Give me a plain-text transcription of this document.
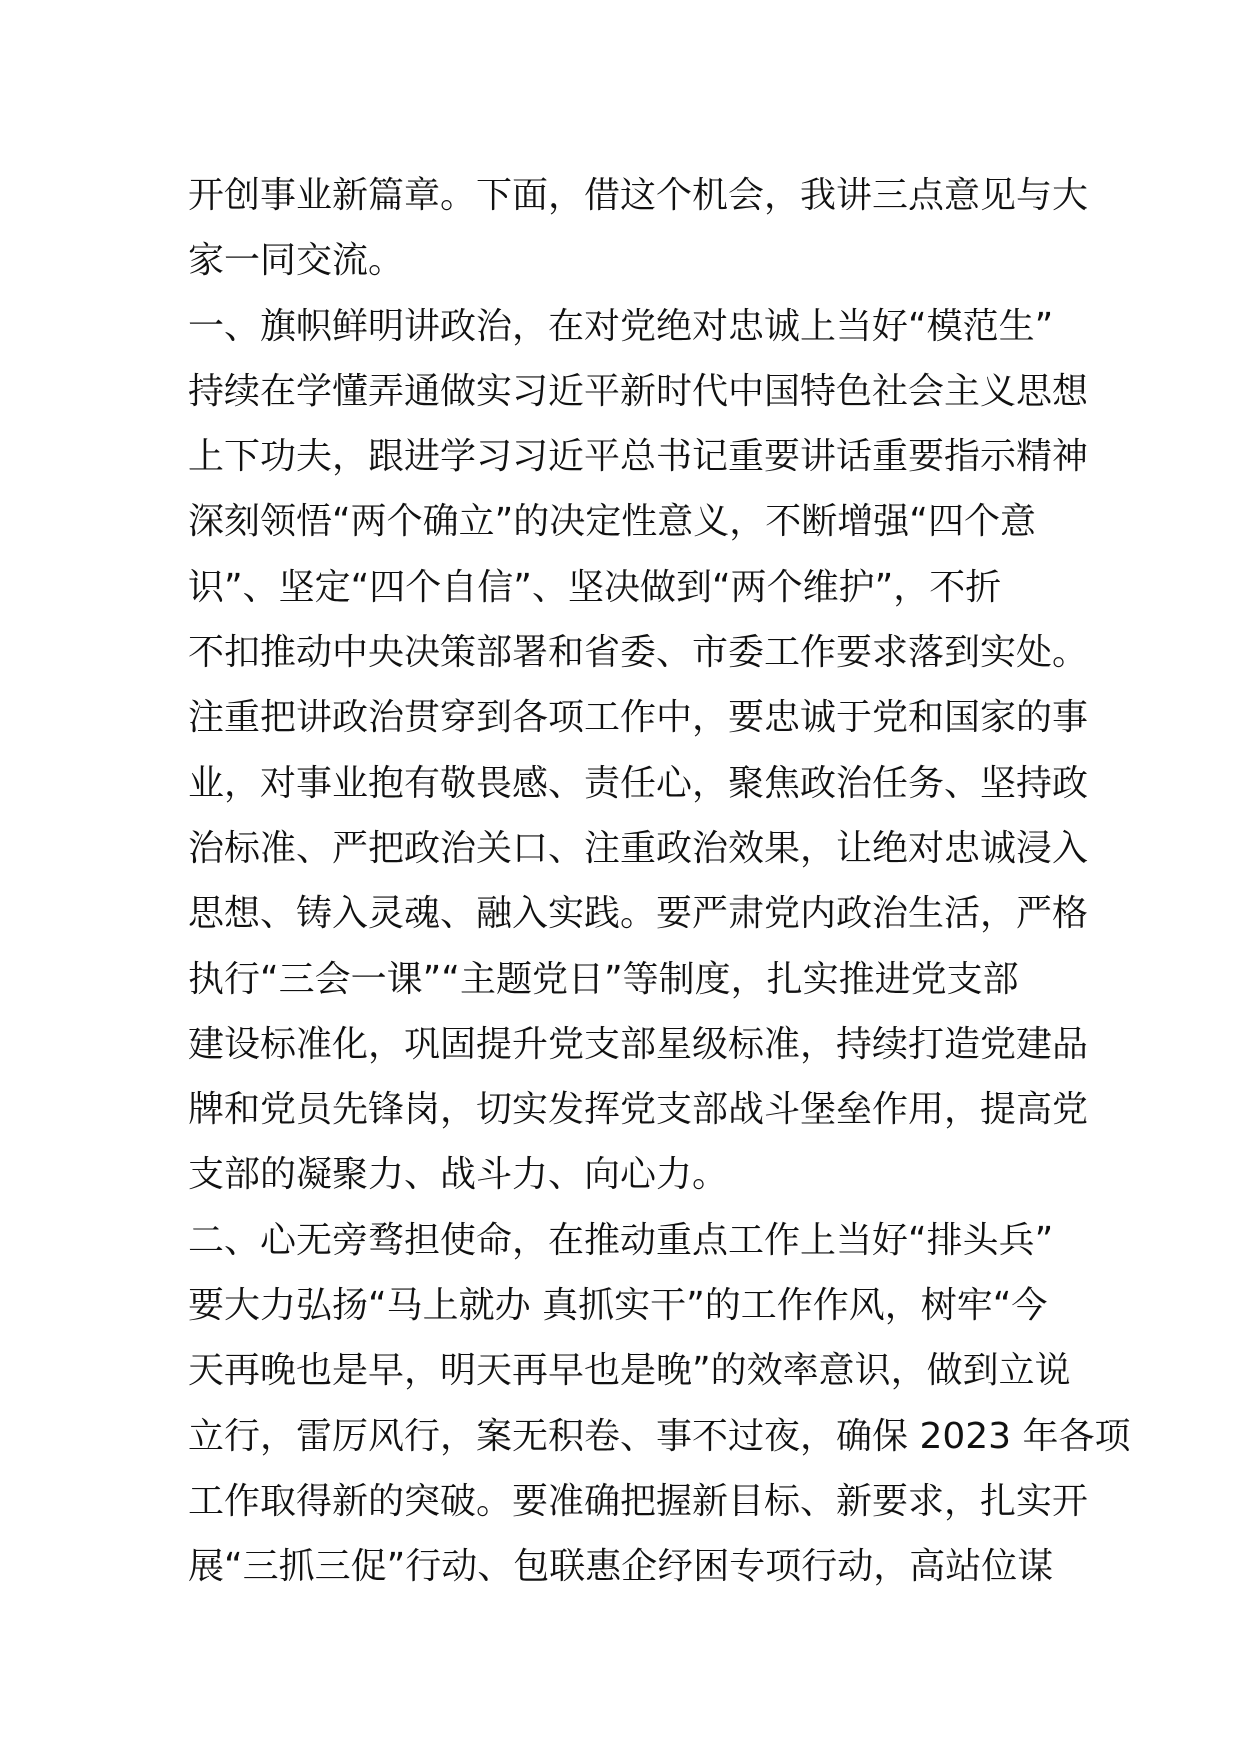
开创事业新篇章。下面，借这个机会，我讲三点意见与大
家一同交流。
一、旗帜鲜明讲政治，在对党绝对忠诚上当好“模范生”
持续在学懂弄通做实习近平新时代中国特色社会主义思想
上下功夫，跟进学习习近平总书记重要讲话重要指示精神
深刻领悟“两个确立”的决定性意义，不断增强“四个意
识”、坚定“四个自信”、坚决做到“两个维护”，不折
不扣推动中央决策部署和省委、市委工作要求落到实处。
注重把讲政治贯穿到各项工作中，要忠诚于党和国家的事
业，对事业抱有敬畏感、责任心，聚焦政治任务、坚持政
治标准、严把政治关口、注重政治效果，让绝对忠诚浸入
思想、铸入灵魂、融入实践。要严肃党内政治生活，严格
执行“三会一课”“主题党日”等制度，扎实推进党支部
建设标准化，巩固提升党支部星级标准，持续打造党建品
牌和党员先锋岗，切实发挥党支部战斗堡垒作用，提高党
支部的凝聚力、战斗力、向心力。
二、心无旁骛担使命，在推动重点工作上当好“排头兵”
要大力弘扬“马上就办 真抓实干”的工作作风，树牢“今
天再晚也是早，明天再早也是晚”的效率意识，做到立说
立行，雷厉风行，案无积卷、事不过夜，确保 2023 年各项
工作取得新的突破。要准确把握新目标、新要求，扎实开
展“三抓三促”行动、包联惠企纾困专项行动，高站位谋
